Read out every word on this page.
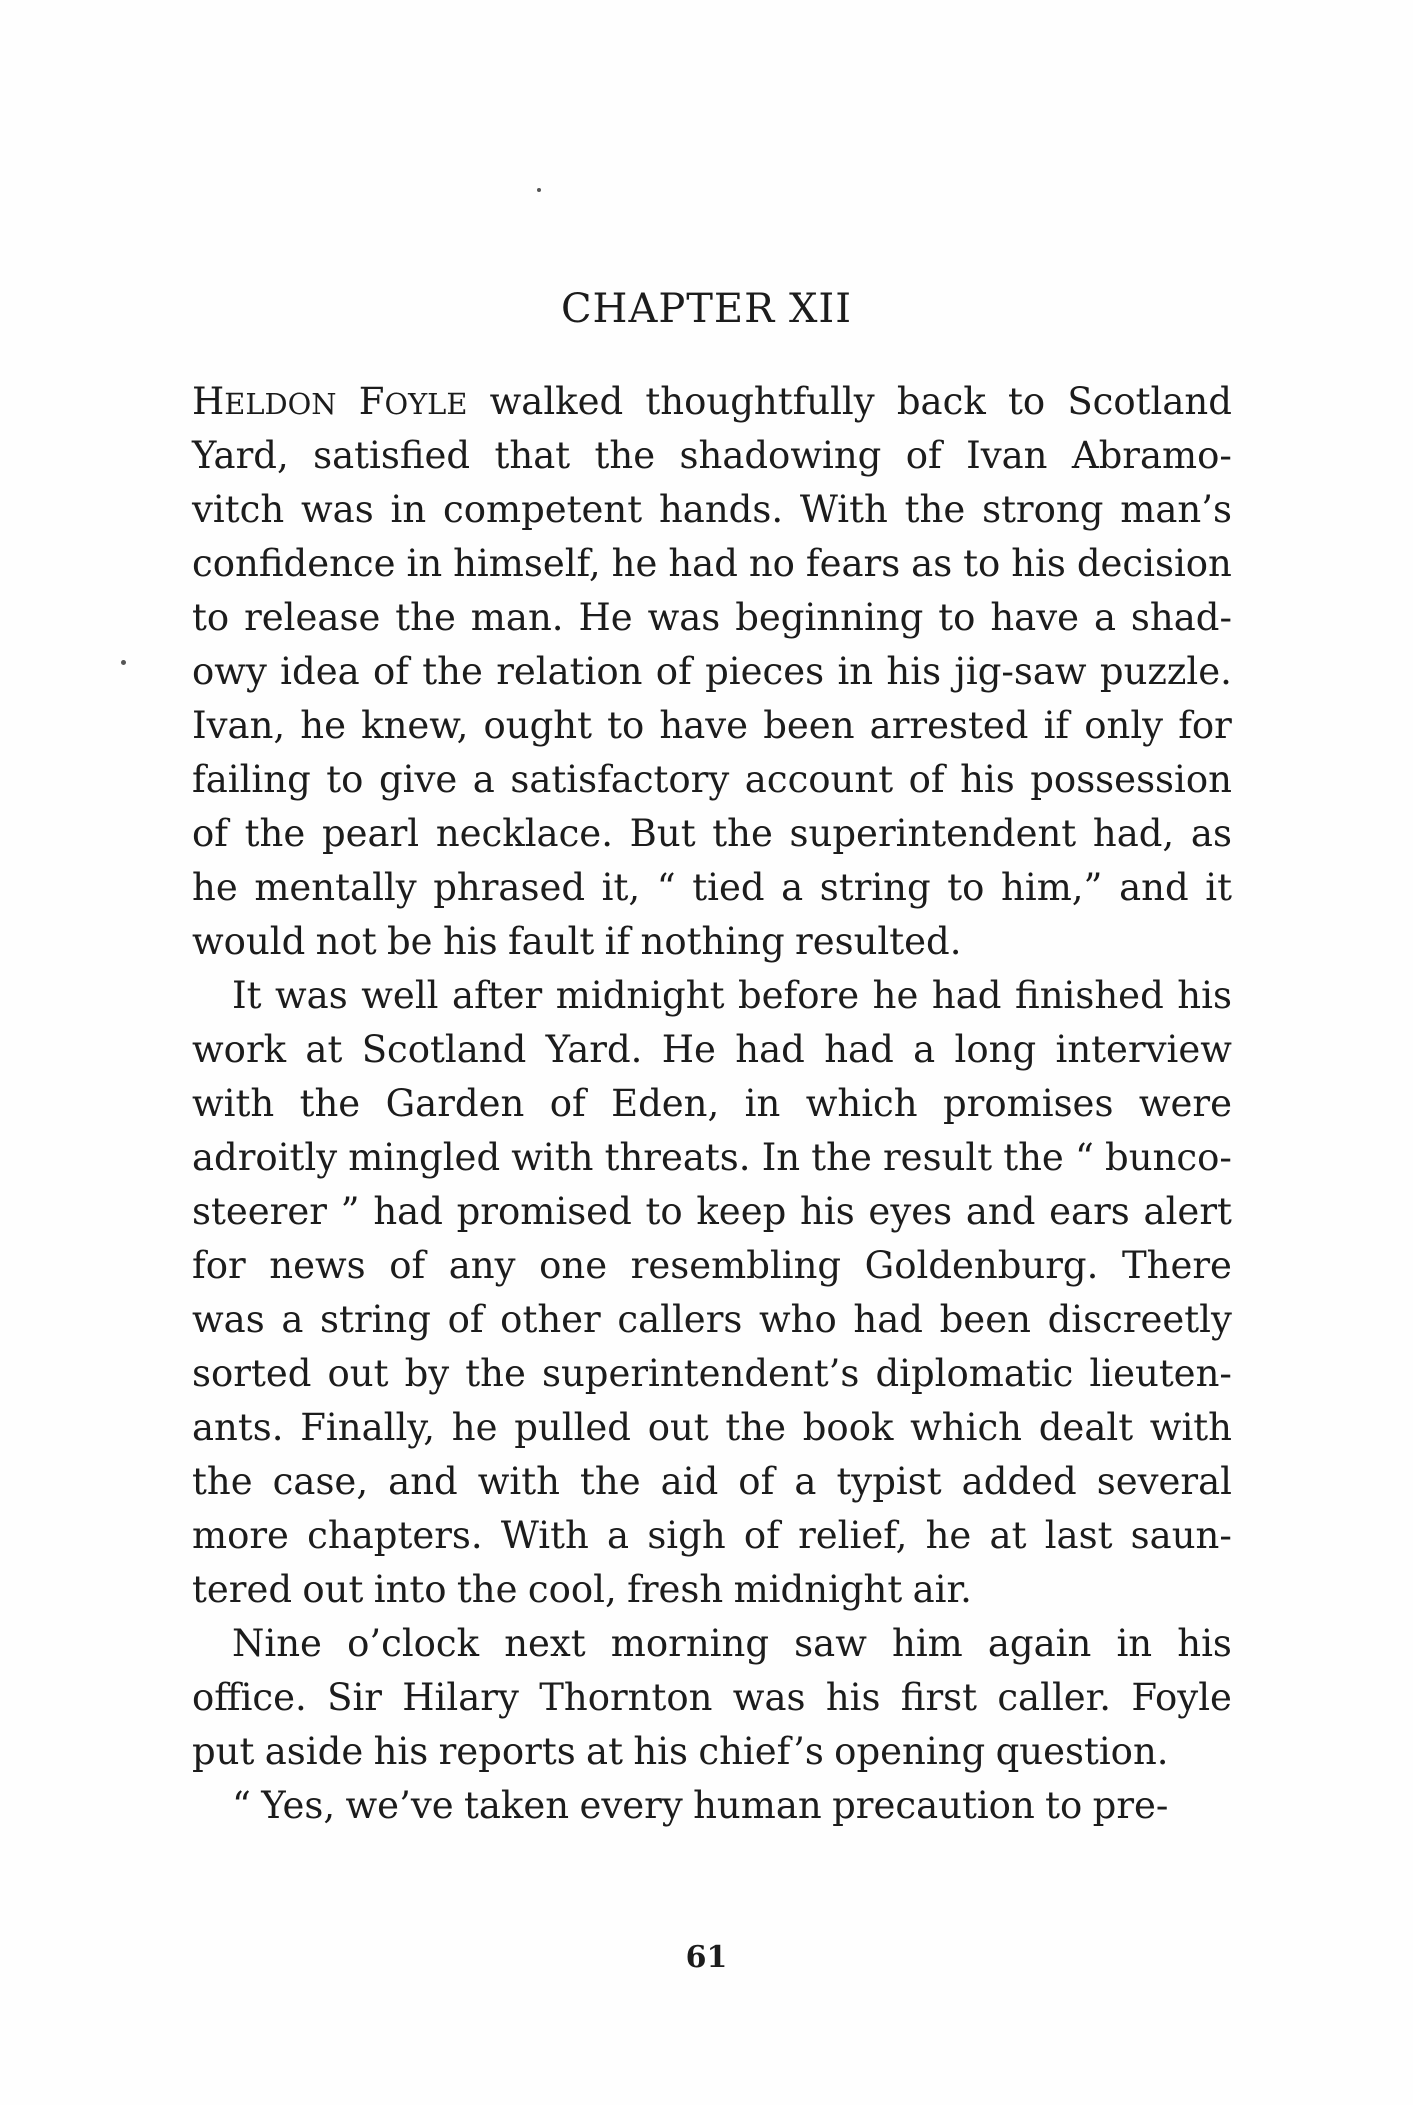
CHAPTER XII
HELDON FOYLE walked thoughtfully back to Scotland
Yard, satisfied that the shadowing of Ivan Abramo-
vitch was in competent hands. With the strong man’s
confidence in himself, he had no fears as to his decision
to release the man. He was beginning to have a shad-
owy idea of the relation of pieces in his jig-saw puzzle.
Ivan, he knew, ought to have been arrested if only for
failing to give a satisfactory account of his possession
of the pearl necklace. But the superintendent had, as
he mentally phrased it, “ tied a string to him,” and it
would not be his fault if nothing resulted.
It was well after midnight before he had finished his
work at Scotland Yard. He had had a long interview
with the Garden of Eden, in which promises were
adroitly mingled with threats. In the result the “ bunco-
steerer ” had promised to keep his eyes and ears alert
for news of any one resembling Goldenburg. There
was a string of other callers who had been discreetly
sorted out by the superintendent’s diplomatic lieuten-
ants. Finally, he pulled out the book which dealt with
the case, and with the aid of a typist added several
more chapters. With a sigh of relief, he at last saun-
tered out into the cool, fresh midnight air.
Nine o’clock next morning saw him again in his
office. Sir Hilary Thornton was his first caller. Foyle
put aside his reports at his chief’s opening question.
“ Yes, we’ve taken every human precaution to pre-
61
